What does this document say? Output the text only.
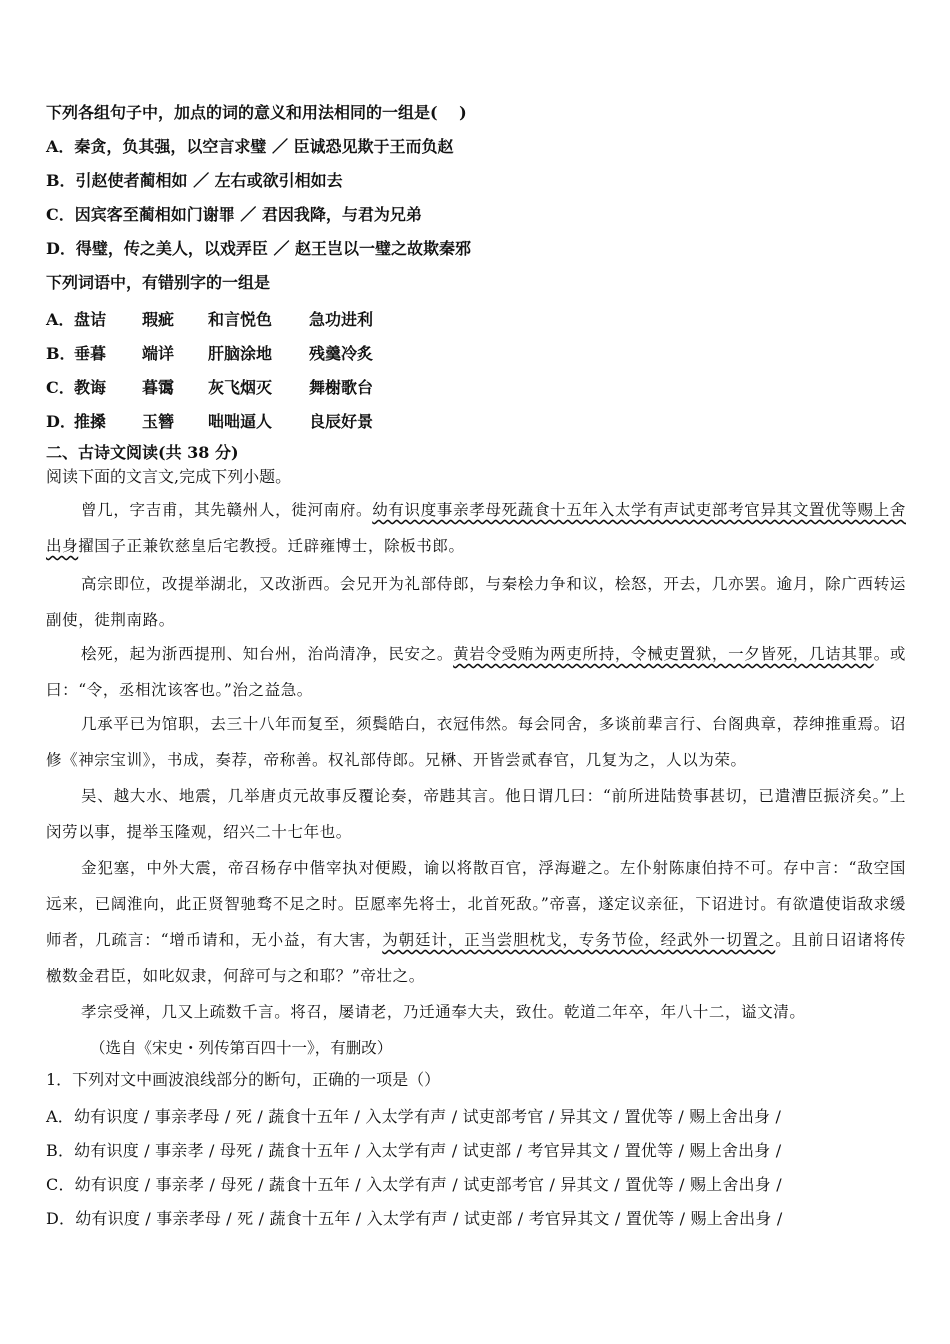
下列各组句子中，加点的词的意义和用法相同的一组是(　 )
A．秦贪，负其强，以空言求璧 ／ 臣诚恐见欺于王而负赵
B．引赵使者蔺相如 ／ 左右或欲引相如去
C．因宾客至蔺相如门谢罪 ／ 君因我降，与君为兄弟
D．得璧，传之美人，以戏弄臣 ／ 赵王岂以一璧之故欺秦邪
下列词语中，有错别字的一组是
A． 盘诘 瑕疵 和言悦色 急功进利
B．
垂暮 端详 肝脑涂地 残羹冷炙
C． 教诲 暮霭 灰飞烟灭 舞榭歌台
D．
推搡 玉簪 咄咄逼人 良辰好景
二、古诗文阅读(共 38 分)
阅读下面的文言文,完成下列小题。
曾几，字吉甫，其先赣州人，徙河南府。幼有识度事亲孝母死蔬食十五年入太学有声试吏部考官异其文置优等赐上舍出身擢国子正兼钦慈皇后宅教授。迁辟雍博士，除板书郎。
高宗即位，改提举湖北，又改浙西。会兄开为礼部侍郎，与秦桧力争和议，桧怒，开去，几亦罢。逾月，除广西转运副使，徙荆南路。
桧死，起为浙西提刑、知台州，治尚清净，民安之。黄岩令受贿为两吏所持，令械吏置狱，一夕皆死，几诘其罪。或曰：“令，丞相沈该客也。”治之益急。
几承平已为馆职，去三十八年而复至，须鬓皓白，衣冠伟然。每会同舍，多谈前辈言行、台阁典章，荐绅推重焉。诏修《神宗宝训》，书成，奏荐，帝称善。权礼部侍郎。兄楙、开皆尝贰春官，几复为之，人以为荣。
吴、越大水、地震，几举唐贞元故事反覆论奏，帝韪其言。他日谓几曰：“前所进陆贽事甚切，已遣漕臣振济矣。”上闵劳以事，提举玉隆观，绍兴二十七年也。
金犯塞，中外大震，帝召杨存中偕宰执对便殿，谕以将散百官，浮海避之。左仆射陈康伯持不可。存中言：“敌空国远来，已阔淮向，此正贤智驰骛不足之时。臣愿率先将士，北首死敌。”帝喜，遂定议亲征，下诏进讨。有欲遣使诣敌求缓师者，几疏言：“增币请和，无小益，有大害，为朝廷计，正当尝胆枕戈，专务节俭，经武外一切置之。且前日诏诸将传檄数金君臣，如叱奴隶，何辞可与之和耶？”帝壮之。
孝宗受禅，几又上疏数千言。将召，屡请老，乃迁通奉大夫，致仕。乾道二年卒，年八十二，谥文清。
（选自《宋史・列传第百四十一》，有删改）
1．下列对文中画波浪线部分的断句，正确的一项是（）
A．幼有识度 / 事亲孝母 / 死 / 蔬食十五年 / 入太学有声 / 试吏部考官 / 异其文 / 置优等 / 赐上舍出身 /
B．幼有识度 / 事亲孝 / 母死 / 蔬食十五年 / 入太学有声 / 试吏部 / 考官异其文 / 置优等 / 赐上舍出身 /
C．幼有识度 / 事亲孝 / 母死 / 蔬食十五年 / 入太学有声 / 试吏部考官 / 异其文 / 置优等 / 赐上舍出身 /
D．幼有识度 / 事亲孝母 / 死 / 蔬食十五年 / 入太学有声 / 试吏部 / 考官异其文 / 置优等 / 赐上舍出身 /
